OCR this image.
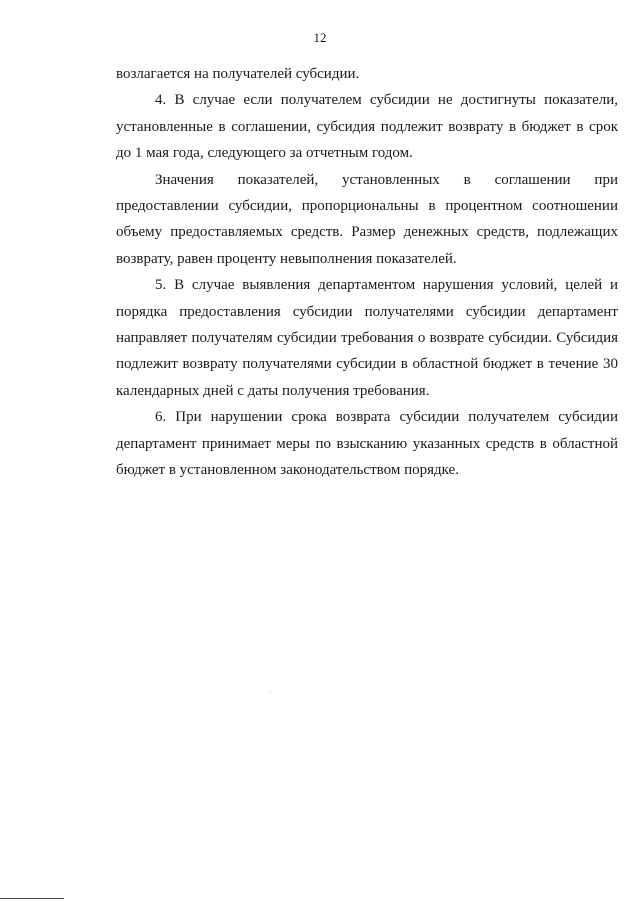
12

возлагается на получателей субсидии.

4. В случае если получателем субсидии не достигнуты показатели, установленные в соглашении, субсидия подлежит возврату в бюджет в срок до 1 мая года, следующего за отчетным годом.

Значения показателей, установленных в соглашении при предоставлении субсидии, пропорциональны в процентном соотношении объему предоставляемых средств. Размер денежных средств, подлежащих возврату, равен проценту невыполнения показателей.

5. В случае выявления департаментом нарушения условий, целей и порядка предоставления субсидии получателями субсидии департамент направляет получателям субсидии требования о возврате субсидии. Субсидия подлежит возврату получателями субсидии в областной бюджет в течение 30 календарных дней с даты получения требования.

6. При нарушении срока возврата субсидии получателем субсидии департамент принимает меры по взысканию указанных средств в областной бюджет в установленном законодательством порядке.
